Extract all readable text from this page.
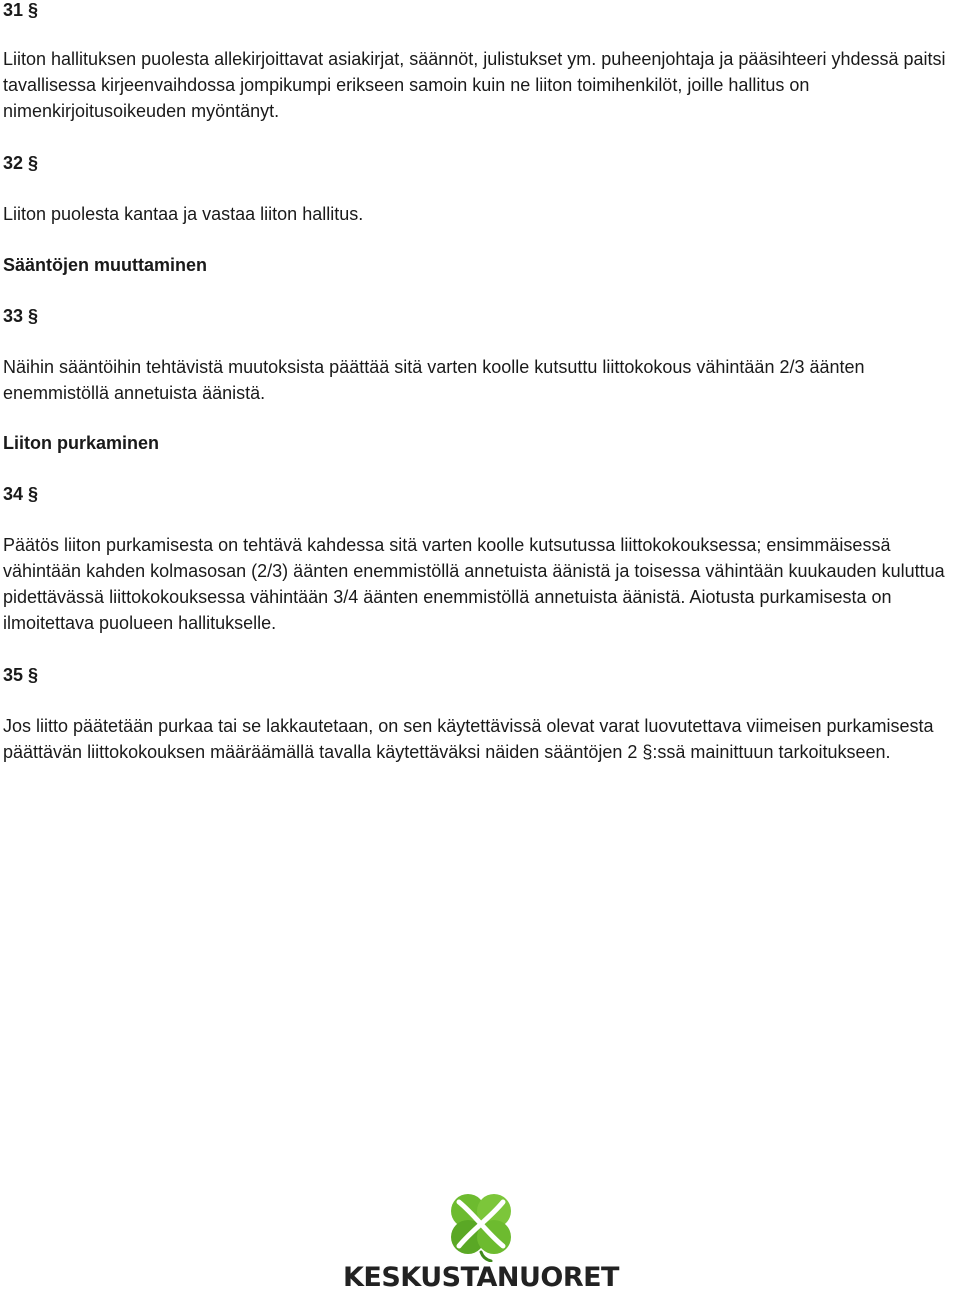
31 §

Liiton hallituksen puolesta allekirjoittavat asiakirjat, säännöt, julistukset ym. puheenjohtaja ja pääsihteeri yhdessä paitsi tavallisessa kirjeenvaihdossa jompikumpi erikseen samoin kuin ne liiton toimihenkilöt, joille hallitus on nimenkirjoitusoikeuden myöntänyt.

32 §

Liiton puolesta kantaa ja vastaa liiton hallitus.

Sääntöjen muuttaminen

33 §

Näihin sääntöihin tehtävistä muutoksista päättää sitä varten koolle kutsuttu liittokokous vähintään 2/3 äänten enemmistöllä annetuista äänistä.

Liiton purkaminen

34 §

Päätös liiton purkamisesta on tehtävä kahdessa sitä varten koolle kutsutussa liittokokouksessa; ensimmäisessä vähintään kahden kolmasosan (2/3) äänten enemmistöllä annetuista äänistä ja toisessa vähintään kuukauden kuluttua pidettävässä liittokokouksessa vähintään 3/4 äänten enemmistöllä annetuista äänistä. Aiotusta purkamisesta on ilmoitettava puolueen hallitukselle.

35 §

Jos liitto päätetään purkaa tai se lakkautetaan, on sen käytettävissä olevat varat luovutettava viimeisen purkamisesta päättävän liittokokouksen määräämällä tavalla käytettäväksi näiden sääntöjen 2 §:ssä mainittuun tarkoitukseen.

KESKUSTANUORET
